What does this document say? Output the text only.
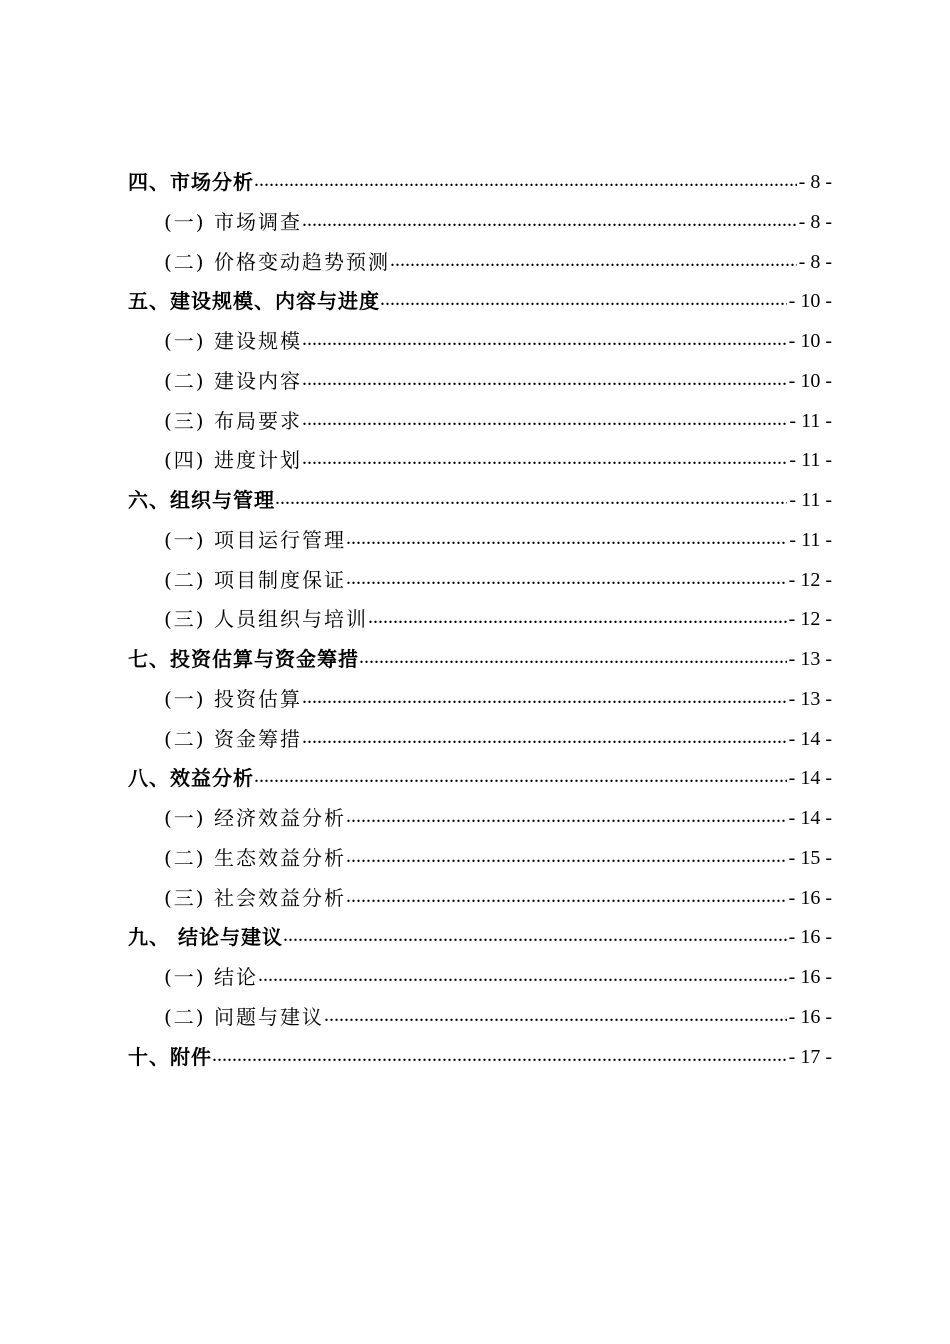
四、市场分析 .....	- 8 -
(一) 市场调查 .....	- 8 -
(二) 价格变动趋势预测 .....	- 8 -
五、建设规模、内容与进度 .....	- 10 -
(一) 建设规模 .....	- 10 -
(二) 建设内容 .....	- 10 -
(三) 布局要求 .....	- 11 -
(四) 进度计划 .....	- 11 -
六、组织与管理 .....	- 11 -
(一) 项目运行管理 .....	- 11 -
(二) 项目制度保证 .....	- 12 -
(三) 人员组织与培训 .....	- 12 -
七、投资估算与资金筹措 .....	- 13 -
(一) 投资估算 .....	- 13 -
(二) 资金筹措 .....	- 14 -
八、效益分析 .....	- 14 -
(一) 经济效益分析 .....	- 14 -
(二) 生态效益分析 .....	- 15 -
(三) 社会效益分析 .....	- 16 -
九、 结论与建议 .....	- 16 -
(一) 结论 .....	- 16 -
(二) 问题与建议 .....	- 16 -
十、附件 .....	- 17 -
